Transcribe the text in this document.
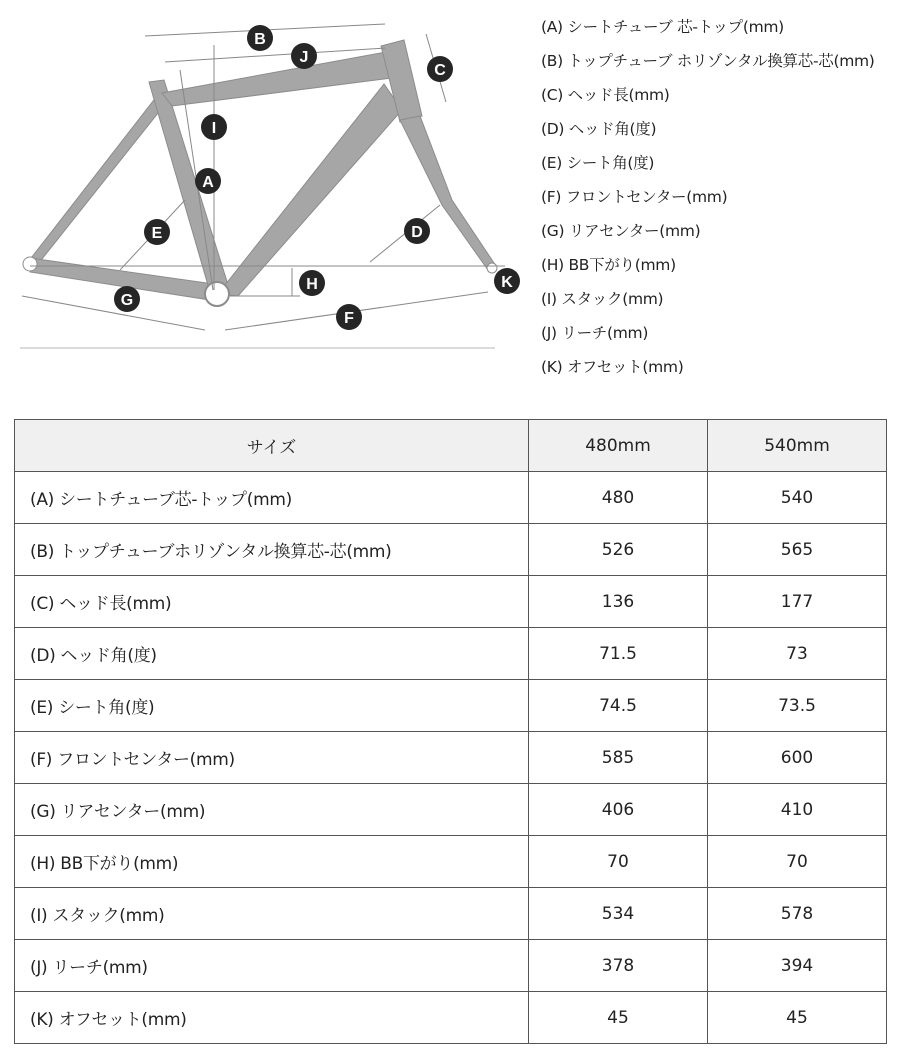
A
B
C
D
E
F
G
H
I
J
K
(A) シートチューブ 芯-トップ(mm)
(B) トップチューブ ホリゾンタル換算芯-芯(mm)
(C) ヘッド長(mm)
(D) ヘッド角(度)
(E) シート角(度)
(F) フロントセンター(mm)
(G) リアセンター(mm)
(H) BB下がり(mm)
(I) スタック(mm)
(J) リーチ(mm)
(K) オフセット(mm)
サイズ	480mm	540mm
(A) シートチューブ芯-トップ(mm)	480	540
(B) トップチューブホリゾンタル換算芯-芯(mm)	526	565
(C) ヘッド長(mm)	136	177
(D) ヘッド角(度)	71.5	73
(E) シート角(度)	74.5	73.5
(F) フロントセンター(mm)	585	600
(G) リアセンター(mm)	406	410
(H) BB下がり(mm)	70	70
(I) スタック(mm)	534	578
(J) リーチ(mm)	378	394
(K) オフセット(mm)	45	45
